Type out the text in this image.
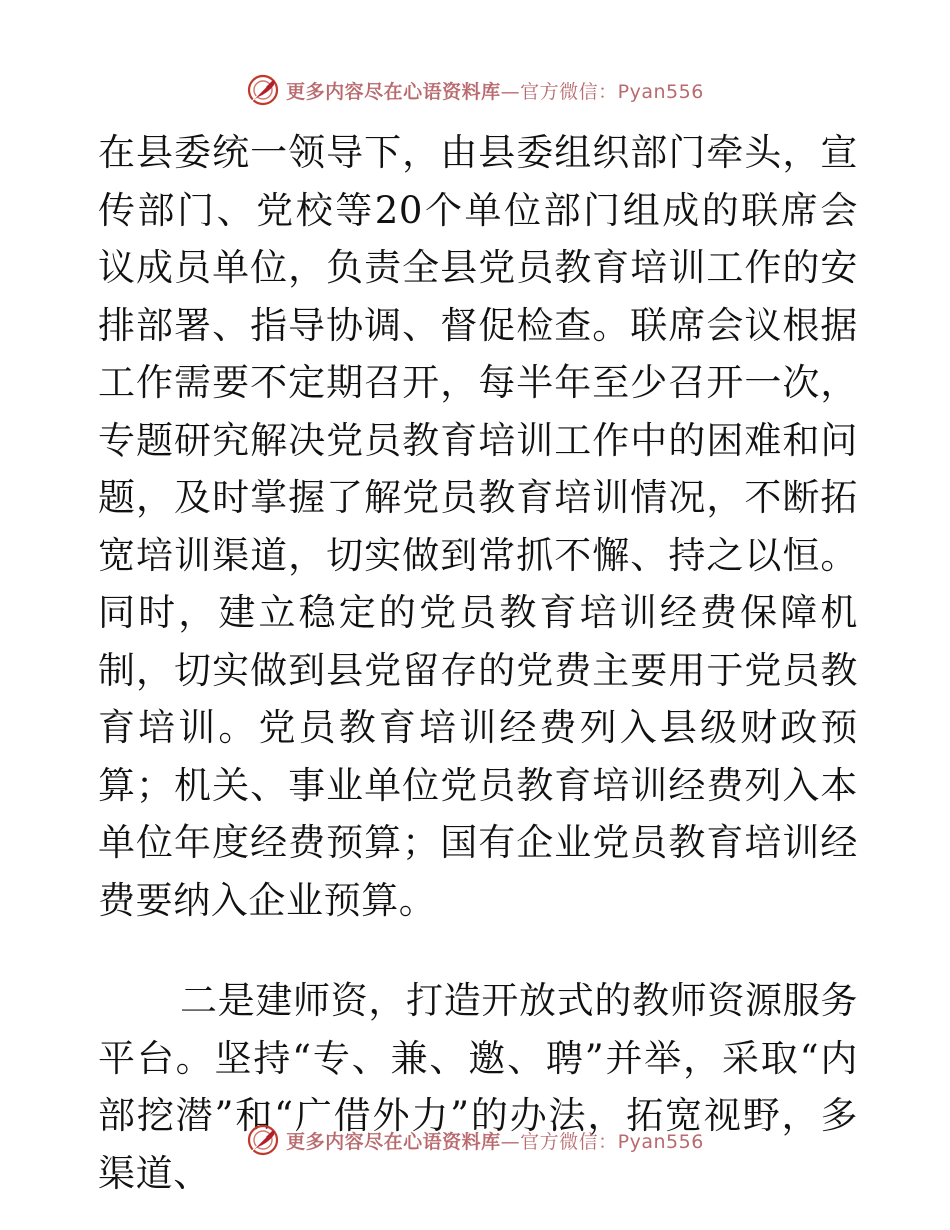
更多内容尽在心语资料库—官方微信：Pyan556

在县委统一领导下，由县委组织部门牵头，宣传部门、党校等20个单位部门组成的联席会议成员单位，负责全县党员教育培训工作的安排部署、指导协调、督促检查。联席会议根据工作需要不定期召开，每半年至少召开一次，专题研究解决党员教育培训工作中的困难和问题，及时掌握了解党员教育培训情况，不断拓宽培训渠道，切实做到常抓不懈、持之以恒。同时，建立稳定的党员教育培训经费保障机制，切实做到县党留存的党费主要用于党员教育培训。党员教育培训经费列入县级财政预算；机关、事业单位党员教育培训经费列入本单位年度经费预算；国有企业党员教育培训经费要纳入企业预算。

二是建师资，打造开放式的教师资源服务平台。坚持“专、兼、邀、聘”并举，采取“内部挖潜”和“广借外力”的办法，拓宽视野，多渠道、

更多内容尽在心语资料库—官方微信：Pyan556
